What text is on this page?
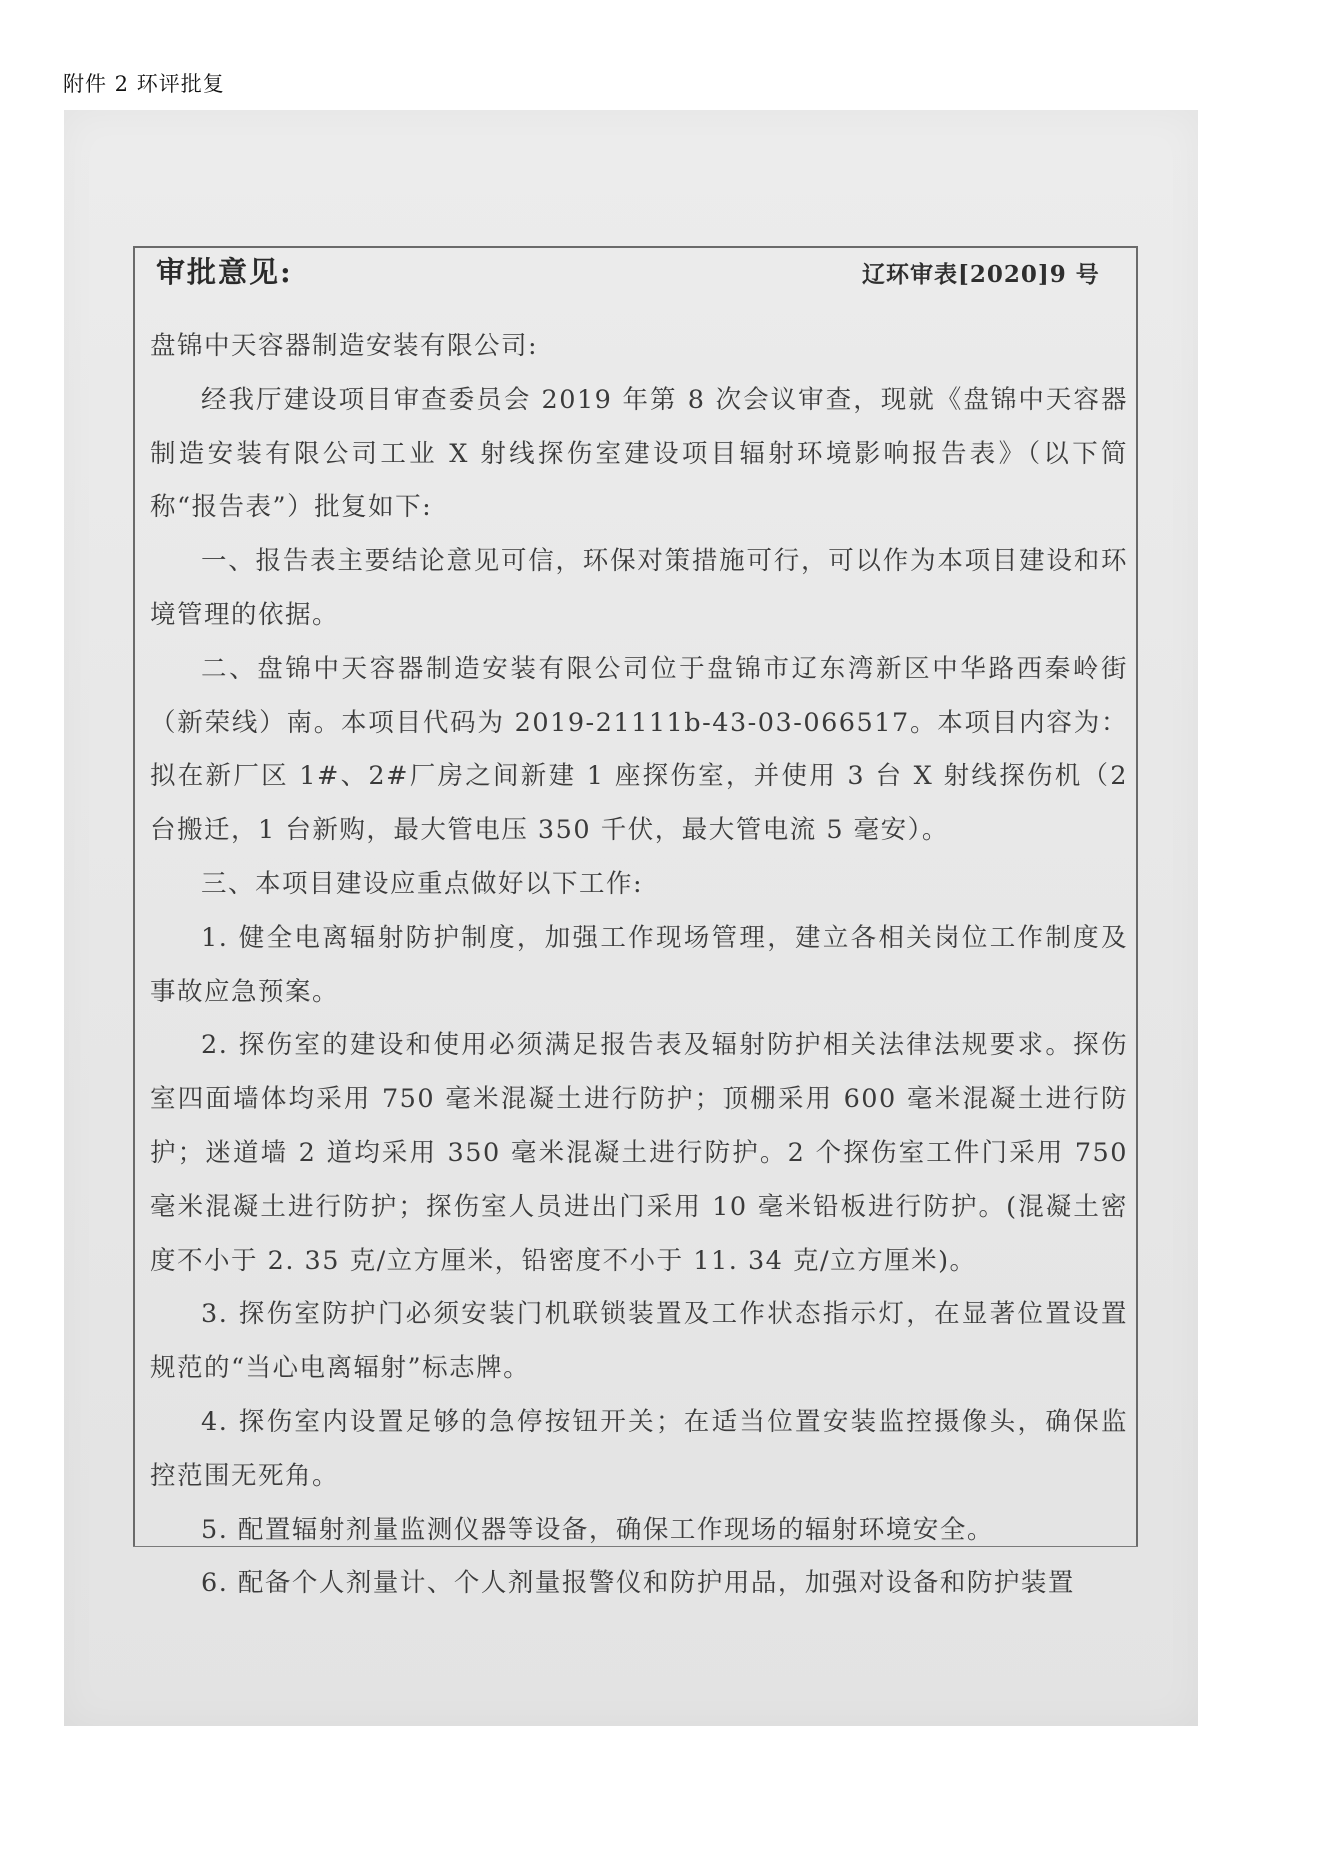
附件 2 环评批复
审批意见:	辽环审表[2020]9 号

盘锦中天容器制造安装有限公司:

经我厅建设项目审查委员会 2019 年第 8 次会议审查，现就《盘锦中天容器制造安装有限公司工业 X 射线探伤室建设项目辐射环境影响报告表》（以下简称“报告表”）批复如下:

一、报告表主要结论意见可信，环保对策措施可行，可以作为本项目建设和环境管理的依据。

二、盘锦中天容器制造安装有限公司位于盘锦市辽东湾新区中华路西秦岭街（新荣线）南。本项目代码为 2019-21111b-43-03-066517。本项目内容为：拟在新厂区 1#、2#厂房之间新建 1 座探伤室，并使用 3 台 X 射线探伤机（2 台搬迁，1 台新购，最大管电压 350 千伏，最大管电流 5 毫安）。

三、本项目建设应重点做好以下工作:

1. 健全电离辐射防护制度，加强工作现场管理，建立各相关岗位工作制度及事故应急预案。

2. 探伤室的建设和使用必须满足报告表及辐射防护相关法律法规要求。探伤室四面墙体均采用 750 毫米混凝土进行防护；顶棚采用 600 毫米混凝土进行防护；迷道墙 2 道均采用 350 毫米混凝土进行防护。2 个探伤室工件门采用 750 毫米混凝土进行防护；探伤室人员进出门采用 10 毫米铅板进行防护。(混凝土密度不小于 2. 35 克/立方厘米，铅密度不小于 11. 34 克/立方厘米)。

3. 探伤室防护门必须安装门机联锁装置及工作状态指示灯，在显著位置设置规范的“当心电离辐射”标志牌。

4. 探伤室内设置足够的急停按钮开关；在适当位置安装监控摄像头，确保监控范围无死角。

5. 配置辐射剂量监测仪器等设备，确保工作现场的辐射环境安全。

6. 配备个人剂量计、个人剂量报警仪和防护用品，加强对设备和防护装置
